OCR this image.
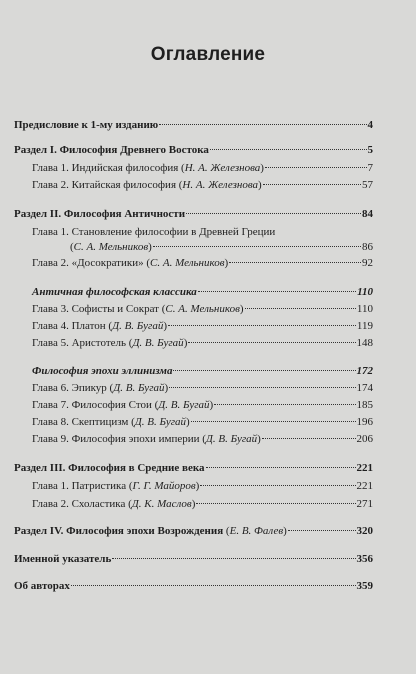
Оглавление
Предисловие к 1-му изданию	4
Раздел I. Философия Древнего Востока	5
Глава 1. Индийская философия (Н. А. Железнова)	7
Глава 2. Китайская философия (Н. А. Железнова)	57
Раздел II. Философия Античности	84
Глава 1. Становление философии в Древней Греции
(С. А. Мельников)	86
Глава 2. «Досократики» (С. А. Мельников)	92
Античная философская классика	110
Глава 3. Софисты и Сократ (С. А. Мельников)	110
Глава 4. Платон (Д. В. Бугай)	119
Глава 5. Аристотель (Д. В. Бугай)	148
Философия эпохи эллинизма	172
Глава 6. Эпикур (Д. В. Бугай)	174
Глава 7. Философия Стои (Д. В. Бугай)	185
Глава 8. Скептицизм (Д. В. Бугай)	196
Глава 9. Философия эпохи империи (Д. В. Бугай)	206
Раздел III. Философия в Средние века	221
Глава 1. Патристика (Г. Г. Майоров)	221
Глава 2. Схоластика (Д. К. Маслов)	271
Раздел IV. Философия эпохи Возрождения (Е. В. Фалев)	320
Именной указатель	356
Об авторах	359
